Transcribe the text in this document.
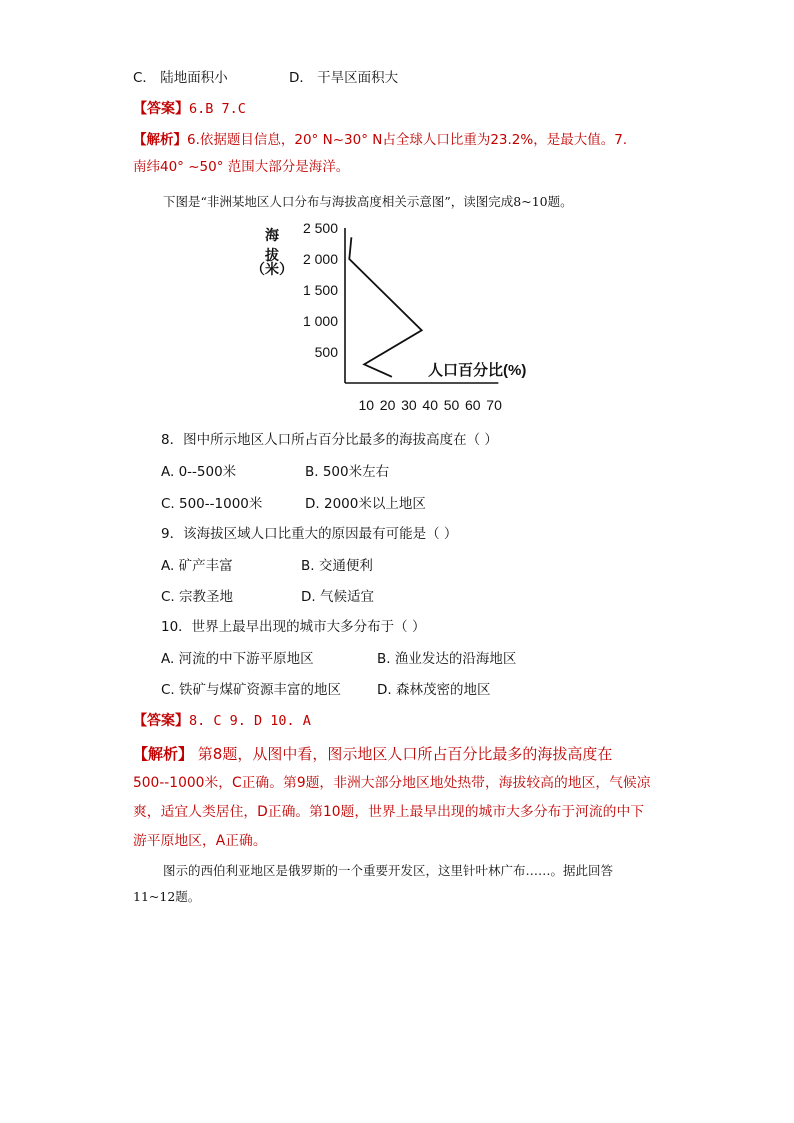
C． 陆地面积小	D． 干旱区面积大
【答案】6.B 7.C
【解析】6.依据题目信息，20° N~30° N占全球人口比重为23.2%，是最大值。7.
南纬40° ~50° 范围大部分是海洋。
下图是“非洲某地区人口分布与海拔高度相关示意图”，读图完成8~10题。
海
拔
（米）
2 500
2 000
1 500
1 000
500
10 20 30 40 50 60 70
人口百分比(%)
8．图中所示地区人口所占百分比最多的海拔高度在（ ）
A. 0--500米	B. 500米左右
C. 500--1000米	D. 2000米以上地区
9．该海拔区域人口比重大的原因最有可能是（ ）
A. 矿产丰富	B. 交通便利
C. 宗教圣地	D. 气候适宜
10．世界上最早出现的城市大多分布于（ ）
A. 河流的中下游平原地区	B. 渔业发达的沿海地区
C. 铁矿与煤矿资源丰富的地区	D. 森林茂密的地区
【答案】8. C 9. D 10. A
【解析】 第8题，从图中看，图示地区人口所占百分比最多的海拔高度在
500--1000米，C正确。第9题，非洲大部分地区地处热带，海拔较高的地区，气候凉
爽，适宜人类居住，D正确。第10题，世界上最早出现的城市大多分布于河流的中下
游平原地区，A正确。
图示的西伯利亚地区是俄罗斯的一个重要开发区，这里针叶林广布……。据此回答
11~12题。
